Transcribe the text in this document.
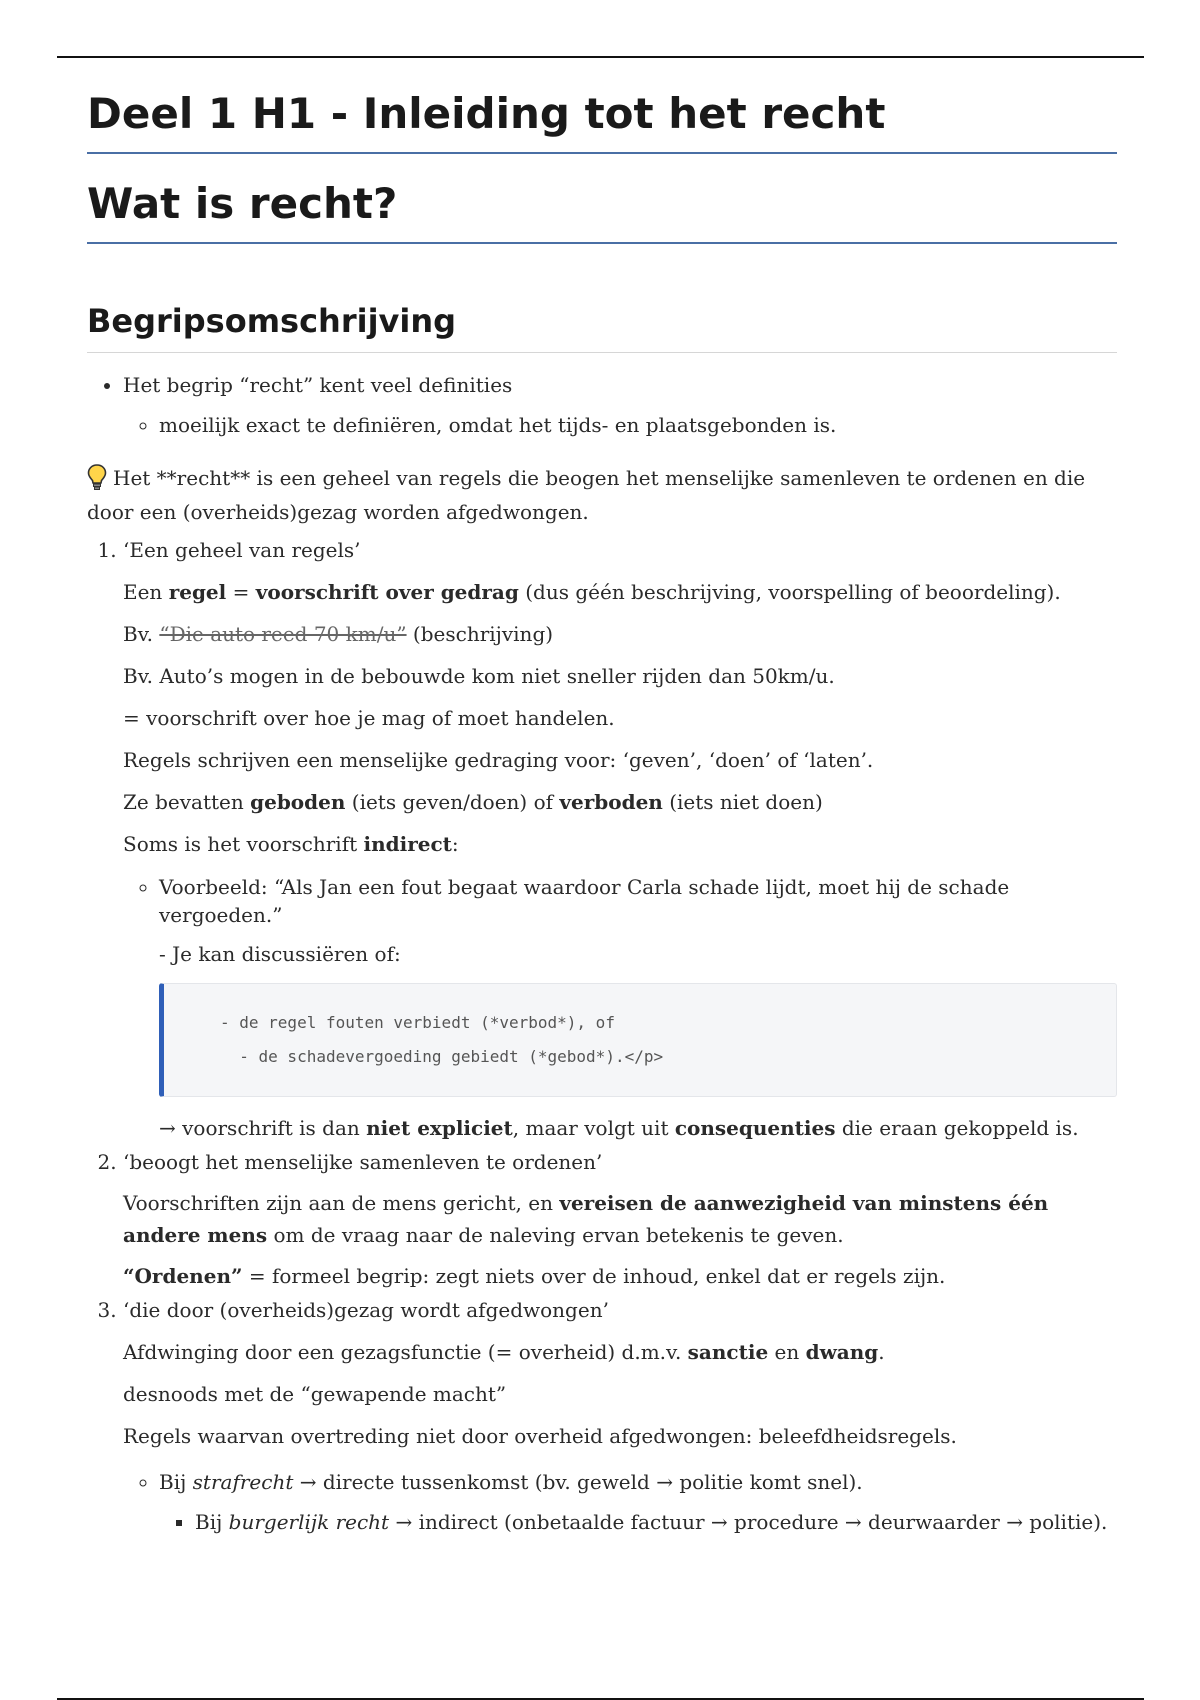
Deel 1 H1 - Inleiding tot het recht
Wat is recht?
Begripsomschrijving
• Het begrip “recht” kent veel definities
◦ moeilijk exact te definiëren, omdat het tijds- en plaatsgebonden is.
Het **recht** is een geheel van regels die beogen het menselijke samenleven te ordenen en die door een (overheids)gezag worden afgedwongen.
1. ‘Een geheel van regels’

Een regel = voorschrift over gedrag (dus géén beschrijving, voorspelling of beoordeling).

Bv. “Die auto reed 70 km/u” (beschrijving)

Bv. Auto’s mogen in de bebouwde kom niet sneller rijden dan 50km/u.

= voorschrift over hoe je mag of moet handelen.

Regels schrijven een menselijke gedraging voor: ‘geven’, ‘doen’ of ‘laten’.

Ze bevatten geboden (iets geven/doen) of verboden (iets niet doen)

Soms is het voorschrift indirect:

◦ Voorbeeld: “Als Jan een fout begaat waardoor Carla schade lijdt, moet hij de schade vergoeden.”

- Je kan discussiëren of:

- de regel fouten verbiedt (*verbod*), of
- de schadevergoeding gebiedt (*gebod*).</p>

→ voorschrift is dan niet expliciet, maar volgt uit consequenties die eraan gekoppeld is.

2. ‘beoogt het menselijke samenleven te ordenen’

Voorschriften zijn aan de mens gericht, en vereisen de aanwezigheid van minstens één andere mens om de vraag naar de naleving ervan betekenis te geven.

“Ordenen” = formeel begrip: zegt niets over de inhoud, enkel dat er regels zijn.

3. ‘die door (overheids)gezag wordt afgedwongen’

Afdwinging door een gezagsfunctie (= overheid) d.m.v. sanctie en dwang.

desnoods met de “gewapende macht”

Regels waarvan overtreding niet door overheid afgedwongen: beleefdheidsregels.

◦ Bij strafrecht → directe tussenkomst (bv. geweld → politie komt snel).
▪ Bij burgerlijk recht → indirect (onbetaalde factuur → procedure → deurwaarder → politie).
